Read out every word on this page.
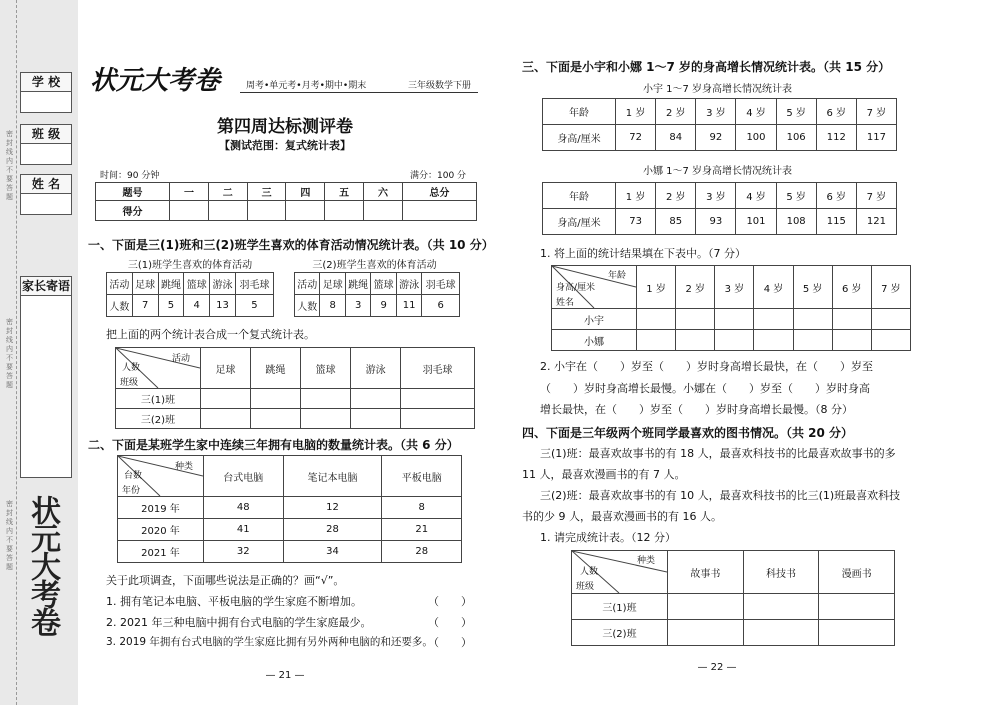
学 校
班 级
姓 名
家长寄语
密封线内不要答题
密封线内不要答题
密封线内不要答题 状元大考卷
状元大考卷	周考•单元考•月考•期中•期末	三年级数学下册
第四周达标测评卷
【测试范围：复式统计表】
时间：90 分钟	满分：100 分
题号	一	二	三	四	五	六	总分
得分							
一、下面是三(1)班和三(2)班学生喜欢的体育活动情况统计表。（共 10 分）
三(1)班学生喜欢的体育活动	三(2)班学生喜欢的体育活动
活动	足球	跳绳	篮球	游泳	羽毛球
人数	7	5	4	13	5
活动	足球	跳绳	篮球	游泳	羽毛球
人数	8	3	9	11	6
把上面的两个统计表合成一个复式统计表。
活动
人数
班级	足球	跳绳	篮球	游泳	羽毛球
三(1)班					
三(2)班					
二、下面是某班学生家中连续三年拥有电脑的数量统计表。（共 6 分）
种类
台数
年份	台式电脑	笔记本电脑	平板电脑
2019 年	48	12	8
2020 年	41	28	21
2021 年	32	34	28
关于此项调查，下面哪些说法是正确的？画“√”。
1. 拥有笔记本电脑、平板电脑的学生家庭不断增加。
2. 2021 年三种电脑中拥有台式电脑的学生家庭最少。
3. 2019 年拥有台式电脑的学生家庭比拥有另外两种电脑的和还要多。
（　　）
（　　）
（　　）
— 21 —
三、下面是小宇和小娜 1～7 岁的身高增长情况统计表。（共 15 分）
小宇 1～7 岁身高增长情况统计表
年龄	1 岁	2 岁	3 岁	4 岁	5 岁	6 岁	7 岁
身高/厘米	72	84	92	100	106	112	117
小娜 1～7 岁身高增长情况统计表
年龄	1 岁	2 岁	3 岁	4 岁	5 岁	6 岁	7 岁
身高/厘米	73	85	93	101	108	115	121
1. 将上面的统计结果填在下表中。（7 分）
年龄
身高/厘米
姓名	1 岁	2 岁	3 岁	4 岁	5 岁	6 岁	7 岁
小宇							
小娜							
2. 小宇在（　　）岁至（　　）岁时身高增长最快，在（　　）岁至
（　　）岁时身高增长最慢。小娜在（　　）岁至（　　）岁时身高
增长最快，在（　　）岁至（　　）岁时身高增长最慢。（8 分）
四、下面是三年级两个班同学最喜欢的图书情况。（共 20 分）
三(1)班：最喜欢故事书的有 18 人，最喜欢科技书的比最喜欢故事书的多
11 人，最喜欢漫画书的有 7 人。
三(2)班：最喜欢故事书的有 10 人，最喜欢科技书的比三(1)班最喜欢科技
书的少 9 人，最喜欢漫画书的有 16 人。
1. 请完成统计表。（12 分）
种类
人数
班级	故事书	科技书	漫画书
三(1)班			
三(2)班			
— 22 —
